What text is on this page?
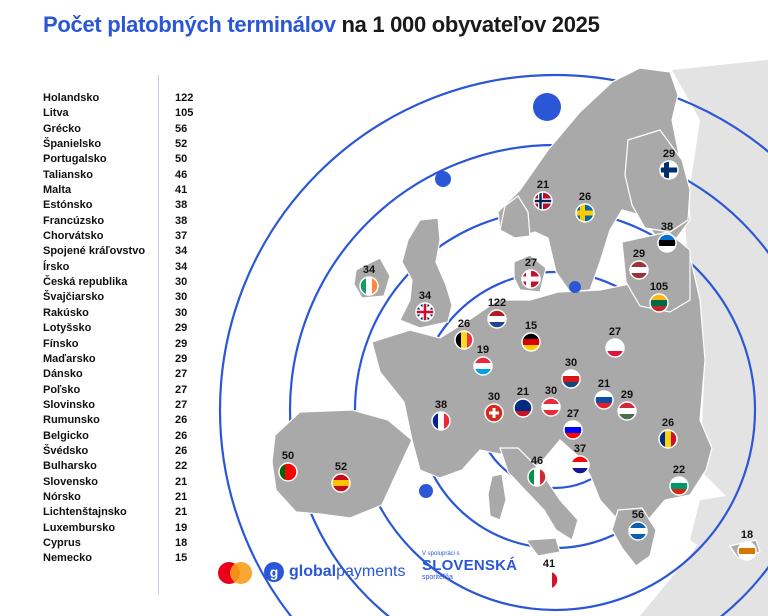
122
105
56
52
50	46
41
38
38
37
34
34
30
30	30
29
29
29
27
27
27
26
26
26
22
21
21
21
19
18
15
Počet platobných terminálov na 1 000 obyvateľov 2025
Holandsko	122
Litva	105
Grécko	56
Španielsko	52
Portugalsko	50
Taliansko	46
Malta	41
Estónsko	38
Francúzsko	38
Chorvátsko	37
Spojené kráľovstvo	34
Írsko	34
Česká republika	30
Švajčiarsko	30
Rakúsko	30
Lotyšsko	29
Fínsko	29
Maďarsko	29
Dánsko	27
Poľsko	27
Slovinsko	27
Rumunsko	26
Belgicko	26
Švédsko	26
Bulharsko	22
Slovensko	21
Nórsko	21
Lichtenštajnsko	21
Luxembursko	19
Cyprus	18
Nemecko	15
g global payments
V spolupráci s
SLOVENSKÁ
sporiteľňa
